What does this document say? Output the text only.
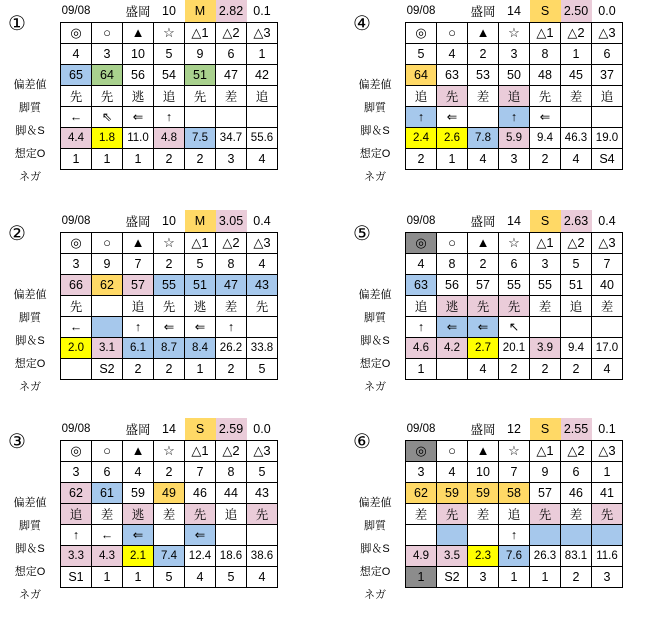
①
偏差値
脚質
脚＆S
想定O
ネガ
09/08		盛岡	10	M	2.82	0.1
◎	○	▲	☆	△1	△2	△3
4	3	10	5	9	6	1
65	64	56	54	51	47	42
先	先	逃	追	先	差	追
←	⇖	⇐	↑			
4.4	1.8	11.0	4.8	7.5	34.7	55.6
1	1	1	2	2	3	4
④
偏差値
脚質
脚＆S
想定O
ネガ
09/08		盛岡	14	S	2.50	0.0
◎	○	▲	☆	△1	△2	△3
5	4	2	3	8	1	6
64	63	53	50	48	45	37
追	先	差	追	先	差	追
↑	⇐		↑	⇐		
2.4	2.6	7.8	5.9	9.4	46.3	19.0
2	1	4	3	2	4	S4
②
偏差値
脚質
脚＆S
想定O
ネガ
09/08		盛岡	10	M	3.05	0.4
◎	○	▲	☆	△1	△2	△3
3	9	7	2	5	8	4
66	62	57	55	51	47	43
先		追	先	逃	差	先
←		↑	⇐	⇐	↑	
2.0	3.1	6.1	8.7	8.4	26.2	33.8
	S2	2	2	1	2	5
⑤
偏差値
脚質
脚＆S
想定O
ネガ
09/08		盛岡	14	S	2.63	0.4
◎	○	▲	☆	△1	△2	△3
4	8	2	6	3	5	7
63	56	57	55	55	51	40
追	逃	先	先	差	追	差
↑	⇐	⇐	↖			
4.6	4.2	2.7	20.1	3.9	9.4	17.0
1		4	2	2	2	4
③
偏差値
脚質
脚＆S
想定O
ネガ
09/08		盛岡	14	S	2.59	0.0
◎	○	▲	☆	△1	△2	△3
3	6	4	2	7	8	5
62	61	59	49	46	44	43
追	差	逃	差	先	追	先
↑	←	⇐		⇐		
3.3	4.3	2.1	7.4	12.4	18.6	38.6
S1	1	1	5	4	5	4
⑥
偏差値
脚質
脚＆S
想定O
ネガ
09/08		盛岡	12	S	2.55	0.1
◎	○	▲	☆	△1	△2	△3
3	4	10	7	9	6	1
62	59	59	58	57	46	41
差	先	差	追	先	差	先
			↑			
4.9	3.5	2.3	7.6	26.3	83.1	11.6
1	S2	3	1	1	2	3
